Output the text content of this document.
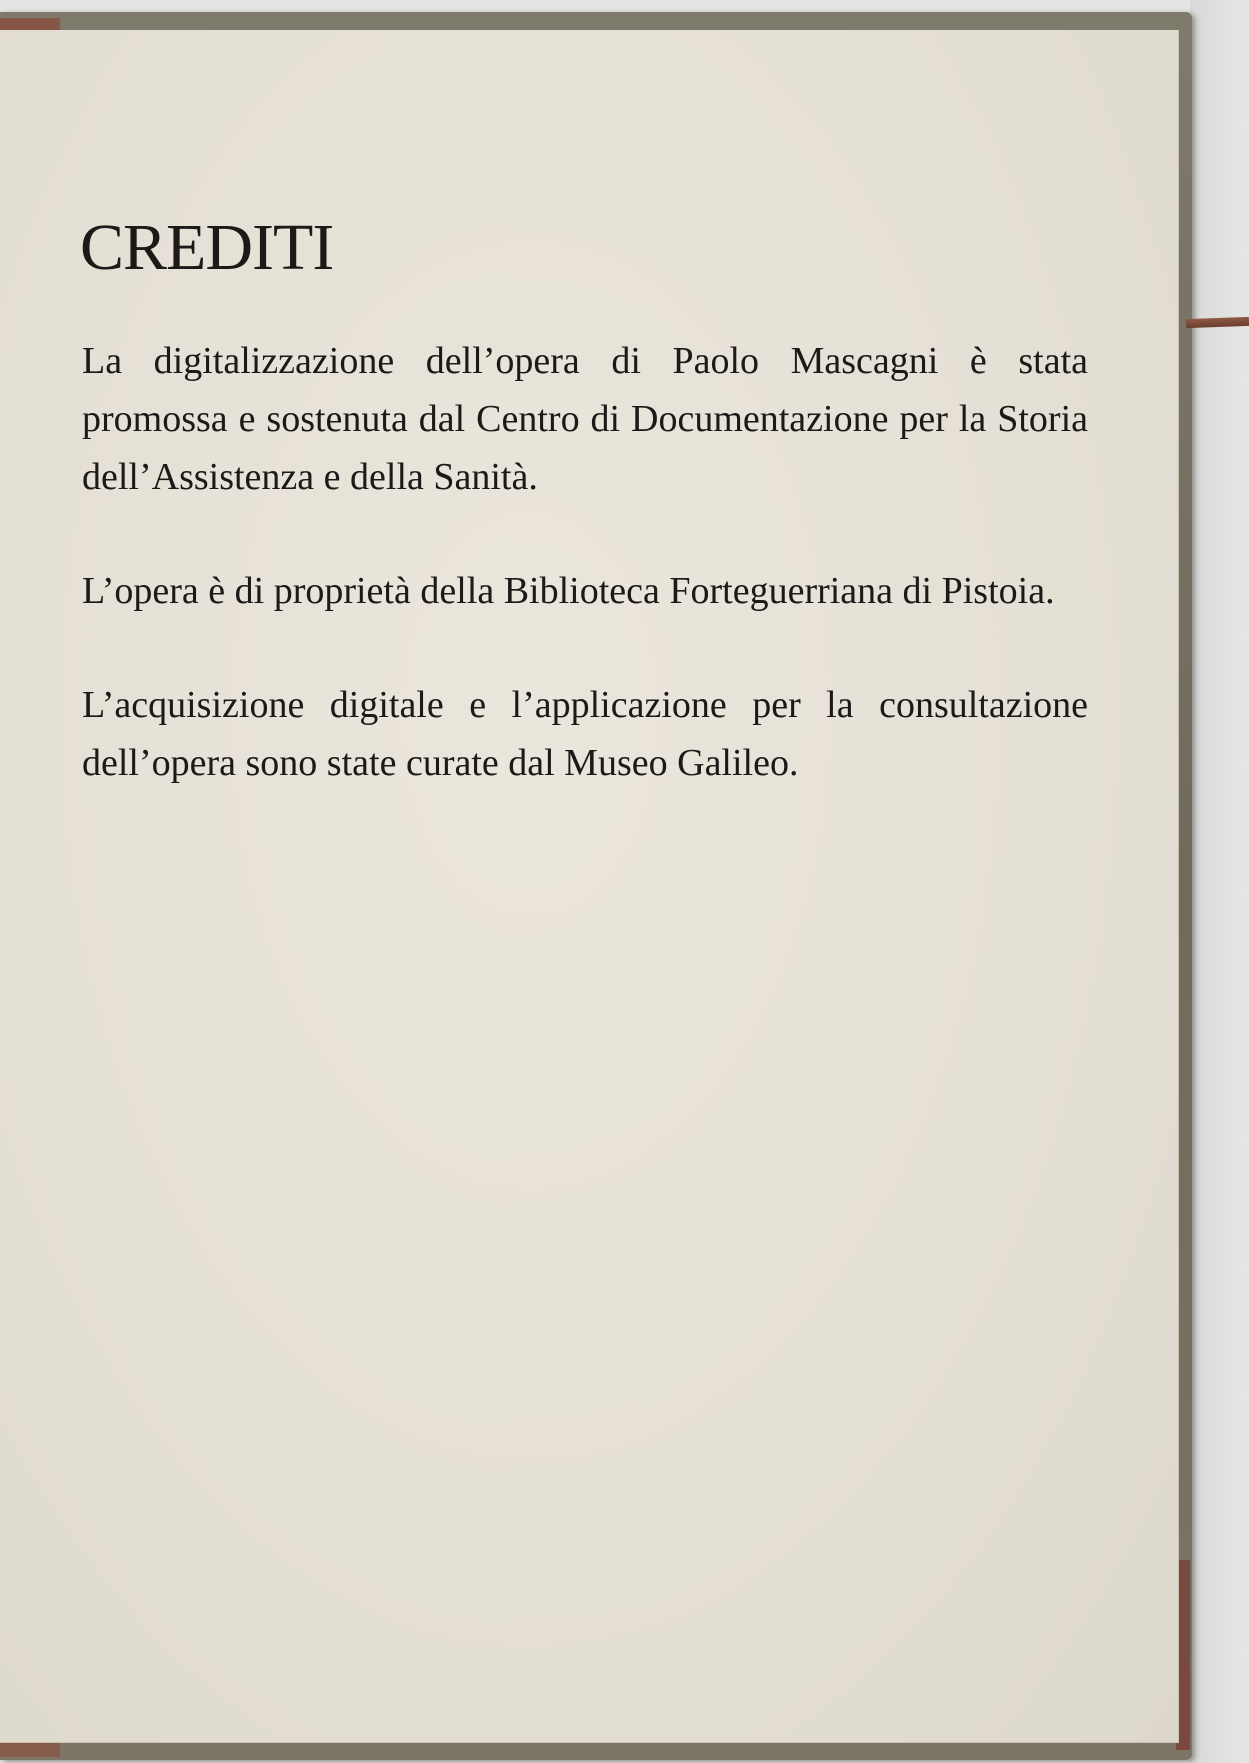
CREDITI

La digitalizzazione dell’opera di Paolo Mascagni è stata promossa e sostenuta dal Centro di Documentazione per la Storia dell’Assistenza e della Sanità.

L’opera è di proprietà della Biblioteca Forteguerriana di Pistoia.

L’acquisizione digitale e l’applicazione per la consultazione dell’opera sono state curate dal Museo Galileo.
